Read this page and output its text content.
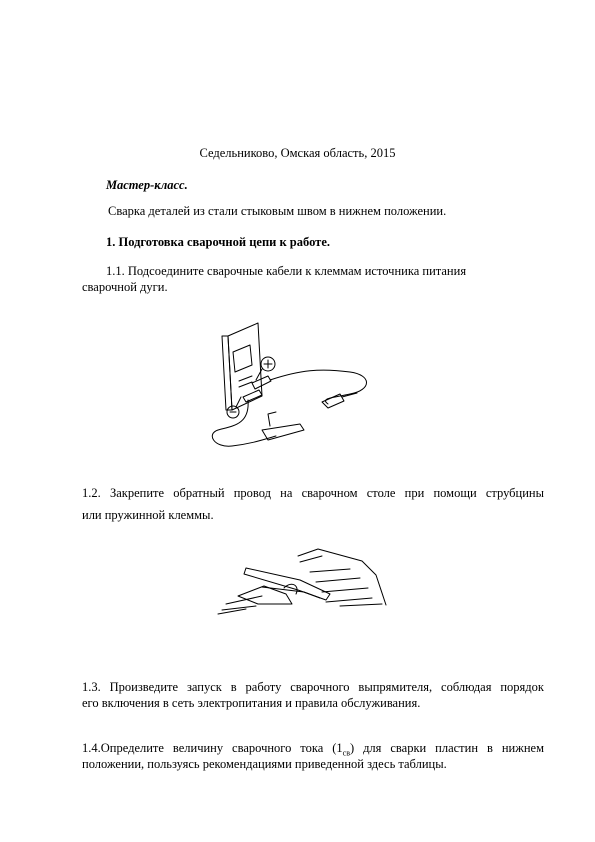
Седельниково, Омская область, 2015
Мастер-класс.
Сварка деталей из стали стыковым швом в нижнем положении.
1. Подготовка сварочной цепи к работе.
1.1. Подсоедините сварочные кабели к клеммам источника питания
сварочной дуги.
1.2. Закрепите обратный провод на сварочном столе при помощи струбцины
или пружинной клеммы.
1.3. Произведите запуск в работу сварочного выпрямителя, соблюдая порядок
его включения в сеть электропитания и правила обслуживания.
1.4.Определите величину сварочного тока $(1_{св})$ для сварки пластин в нижнем
положении, пользуясь рекомендациями приведенной здесь таблицы.
